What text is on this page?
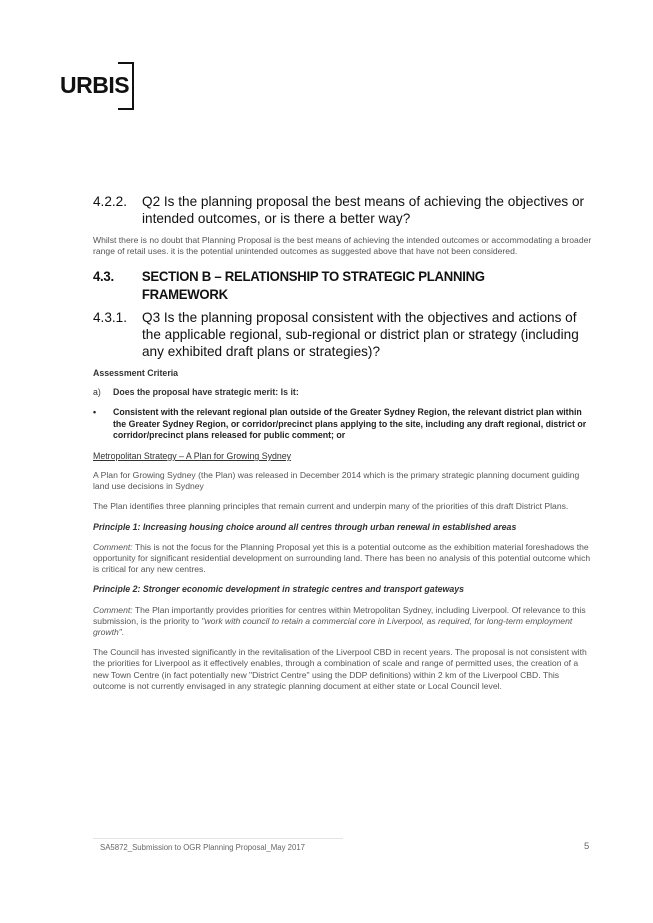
URBIS
4.2.2.	Q2 Is the planning proposal the best means of achieving the objectives or intended outcomes, or is there a better way?

Whilst there is no doubt that Planning Proposal is the best means of achieving the intended outcomes or accommodating a broader range of retail uses. it is the potential unintended outcomes as suggested above that have not been considered.

4.3.	SECTION B – RELATIONSHIP TO STRATEGIC PLANNING FRAMEWORK
4.3.1.	Q3 Is the planning proposal consistent with the objectives and actions of the applicable regional, sub-regional or district plan or strategy (including any exhibited draft plans or strategies)?
Assessment Criteria
a)	Does the proposal have strategic merit: Is it:
•
Consistent with the relevant regional plan outside of the Greater Sydney Region, the relevant district plan within the Greater Sydney Region, or corridor/precinct plans applying to the site, including any draft regional, district or corridor/precinct plans released for public comment; or
Metropolitan Strategy – A Plan for Growing Sydney

A Plan for Growing Sydney (the Plan) was released in December 2014 which is the primary strategic planning document guiding land use decisions in Sydney

The Plan identifies three planning principles that remain current and underpin many of the priorities of this draft District Plans.

Principle 1: Increasing housing choice around all centres through urban renewal in established areas

Comment: This is not the focus for the Planning Proposal yet this is a potential outcome as the exhibition material foreshadows the opportunity for significant residential development on surrounding land. There has been no analysis of this potential outcome which is critical for any new centres.

Principle 2: Stronger economic development in strategic centres and transport gateways

Comment: The Plan importantly provides priorities for centres within Metropolitan Sydney, including Liverpool. Of relevance to this submission, is the priority to "work with council to retain a commercial core in Liverpool, as required, for long-term employment growth".

The Council has invested significantly in the revitalisation of the Liverpool CBD in recent years. The proposal is not consistent with the priorities for Liverpool as it effectively enables, through a combination of scale and range of permitted uses, the creation of a new Town Centre (in fact potentially new "District Centre" using the DDP definitions) within 2 km of the Liverpool CBD. This outcome is not currently envisaged in any strategic planning document at either state or Local Council level.

SA5872_Submission to OGR Planning Proposal_May 2017	5
